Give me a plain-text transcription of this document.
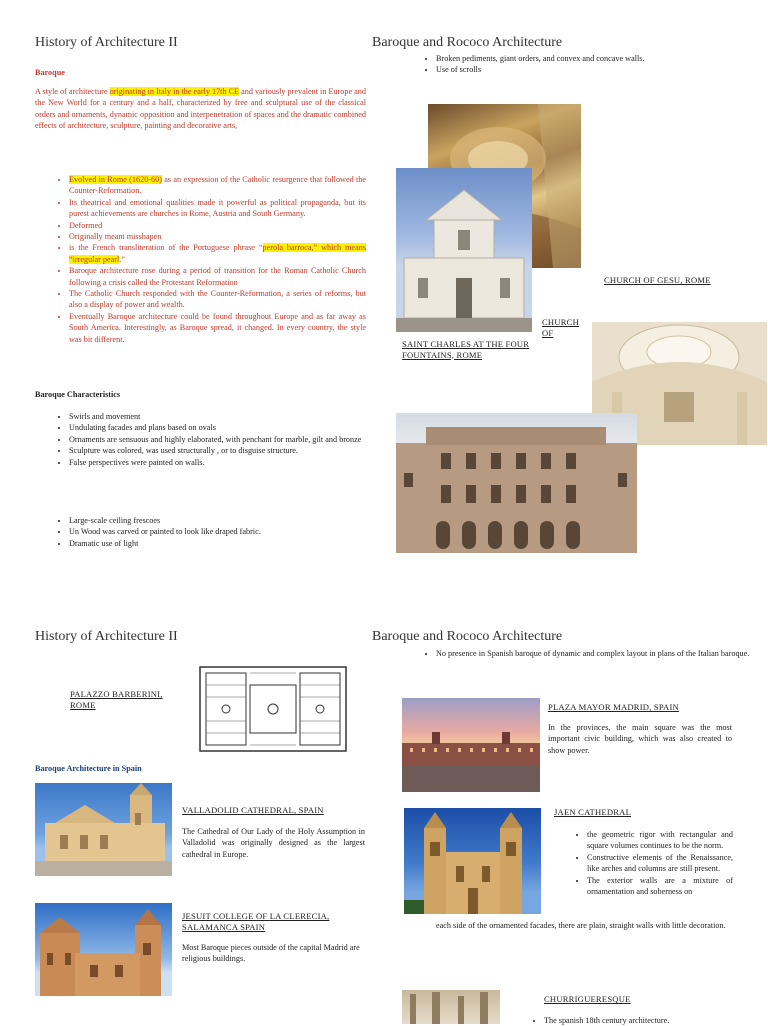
History of Architecture II	Baroque and Rococo Architecture
Baroque
A style of architecture originating in Italy in the early 17th CE and variously prevalent in Europe and the New World for a century and a half, characterized by free and sculptural use of the classical orders and ornaments, dynamic opposition and interpenetration of spaces and the dramatic combined effects of architecture, sculpture, painting and decorative arts,
• Evolved in Rome (1620-60) as an expression of the Catholic resurgence that followed the Counter-Reformation.
• Its theatrical and emotional qualities made it powerful as political propaganda, but its purest achievements are churches in Rome, Austria and South Germany.
• Deformed
• Originally meant misshapen
• is the French transliteration of the Portuguese phrase “perola barroca,” which means “irregular pearl.”
• Baroque architecture rose during a period of transition for the Roman Catholic Church following a crisis called the Protestant Reformation
• The Catholic Church responded with the Counter-Reformation, a series of reforms, but also a display of power and wealth.
• Eventually Baroque architecture could be found throughout Europe and as far away as South America. Interestingly, as Baroque spread, it changed. In every country, the style was bit different.
Baroque Characteristics
• Swirls and movement
• Undulating facades and plans based on ovals
• Ornaments are sensuous and highly elaborated, with penchant for marble, gilt and bronze
• Sculpture was colored, was used structurally , or to disguise structure.
• False perspectives were painted on walls.
• Large-scale ceiling frescoes
• Un Wood was carved or painted to look like draped fabric.
• Dramatic use of light
• Broken pediments, giant orders, and convex and concave walls.
• Use of scrolls
CHURCH OF GESU, ROME
CHURCH OF
SAINT CHARLES AT THE FOUR FOUNTAINS, ROME
History of Architecture II	Baroque and Rococo Architecture
• No presence in Spanish baroque of dynamic and complex layout in plans of the Italian baroque.
PALAZZO BARBERINI, ROME
Baroque Architecture in Spain
VALLADOLID CATHEDRAL, SPAIN
The Cathedral of Our Lady of the Holy Assumption in Valladolid was originally designed as the largest cathedral in Europe.
JESUIT COLLEGE OF LA CLERECIA, SALAMANCA SPAIN
Most Baroque pieces outside of the capital Madrid are religious buildings.
PLAZA MAYOR MADRID, SPAIN
In the provinces, the main square was the most important civic building, which was also created to show power.
JAEN CATHEDRAL
• the geometric rigor with rectangular and square volumes continues to be the norm.
• Constructive elements of the Renaissance, like arches and columns are still present.
• The exterior walls are a mixture of ornamentation and soberness on
each side of the ornamented facades, there are plain, straight walls with little decoration.
CHURRIGUERESQUE
• The spanish 18th century architecture.
